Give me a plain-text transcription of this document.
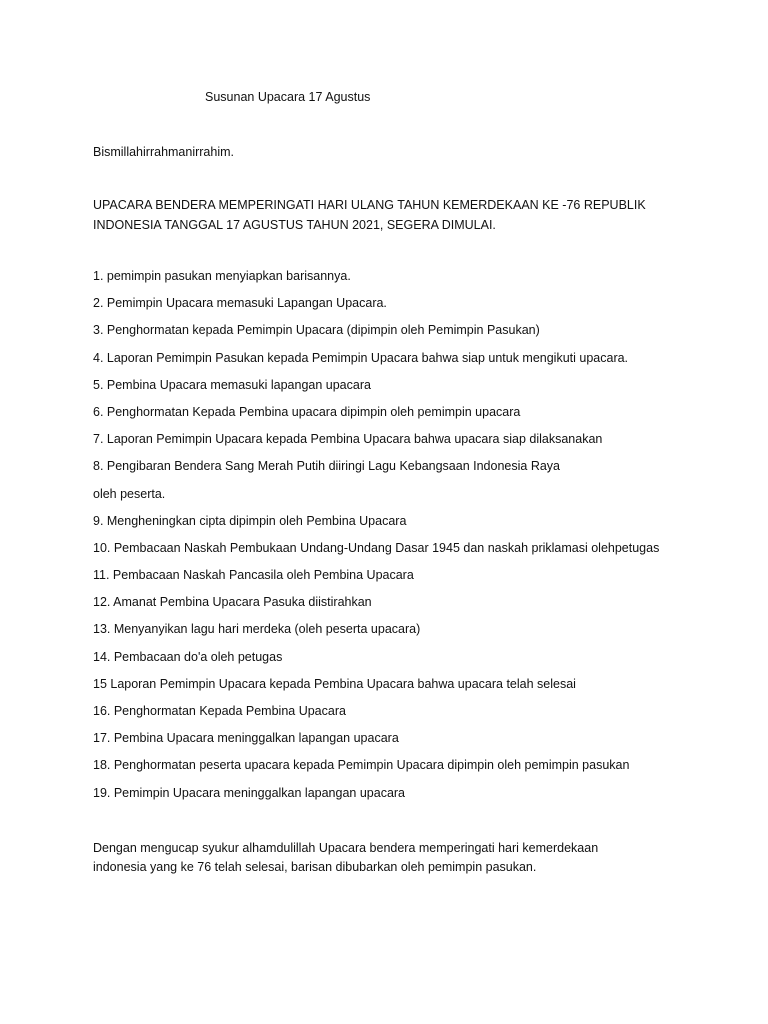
Susunan Upacara 17 Agustus
Bismillahirrahmanirrahim.
UPACARA BENDERA MEMPERINGATI HARI ULANG TAHUN KEMERDEKAAN KE -76 REPUBLIK
INDONESIA TANGGAL 17 AGUSTUS TAHUN 2021, SEGERA DIMULAI.
1. pemimpin pasukan menyiapkan barisannya.
2. Pemimpin Upacara memasuki Lapangan Upacara.
3. Penghormatan kepada Pemimpin Upacara (dipimpin oleh Pemimpin Pasukan)
4. Laporan Pemimpin Pasukan kepada Pemimpin Upacara bahwa siap untuk mengikuti upacara.
5. Pembina Upacara memasuki lapangan upacara
6. Penghormatan Kepada Pembina upacara dipimpin oleh pemimpin upacara
7. Laporan Pemimpin Upacara kepada Pembina Upacara bahwa upacara siap dilaksanakan
8. Pengibaran Bendera Sang Merah Putih diiringi Lagu Kebangsaan Indonesia Raya
oleh peserta.
9. Mengheningkan cipta dipimpin oleh Pembina Upacara
10. Pembacaan Naskah Pembukaan Undang-Undang Dasar 1945 dan naskah priklamasi olehpetugas
11. Pembacaan Naskah Pancasila oleh Pembina Upacara
12. Amanat Pembina Upacara Pasuka diistirahkan
13. Menyanyikan lagu hari merdeka (oleh peserta upacara)
14. Pembacaan do'a oleh petugas
15 Laporan Pemimpin Upacara kepada Pembina Upacara bahwa upacara telah selesai
16. Penghormatan Kepada Pembina Upacara
17. Pembina Upacara meninggalkan lapangan upacara
18. Penghormatan peserta upacara kepada Pemimpin Upacara dipimpin oleh pemimpin pasukan
19. Pemimpin Upacara meninggalkan lapangan upacara
Dengan mengucap syukur alhamdulillah Upacara bendera memperingati hari kemerdekaan
indonesia yang ke 76 telah selesai, barisan dibubarkan oleh pemimpin pasukan.
